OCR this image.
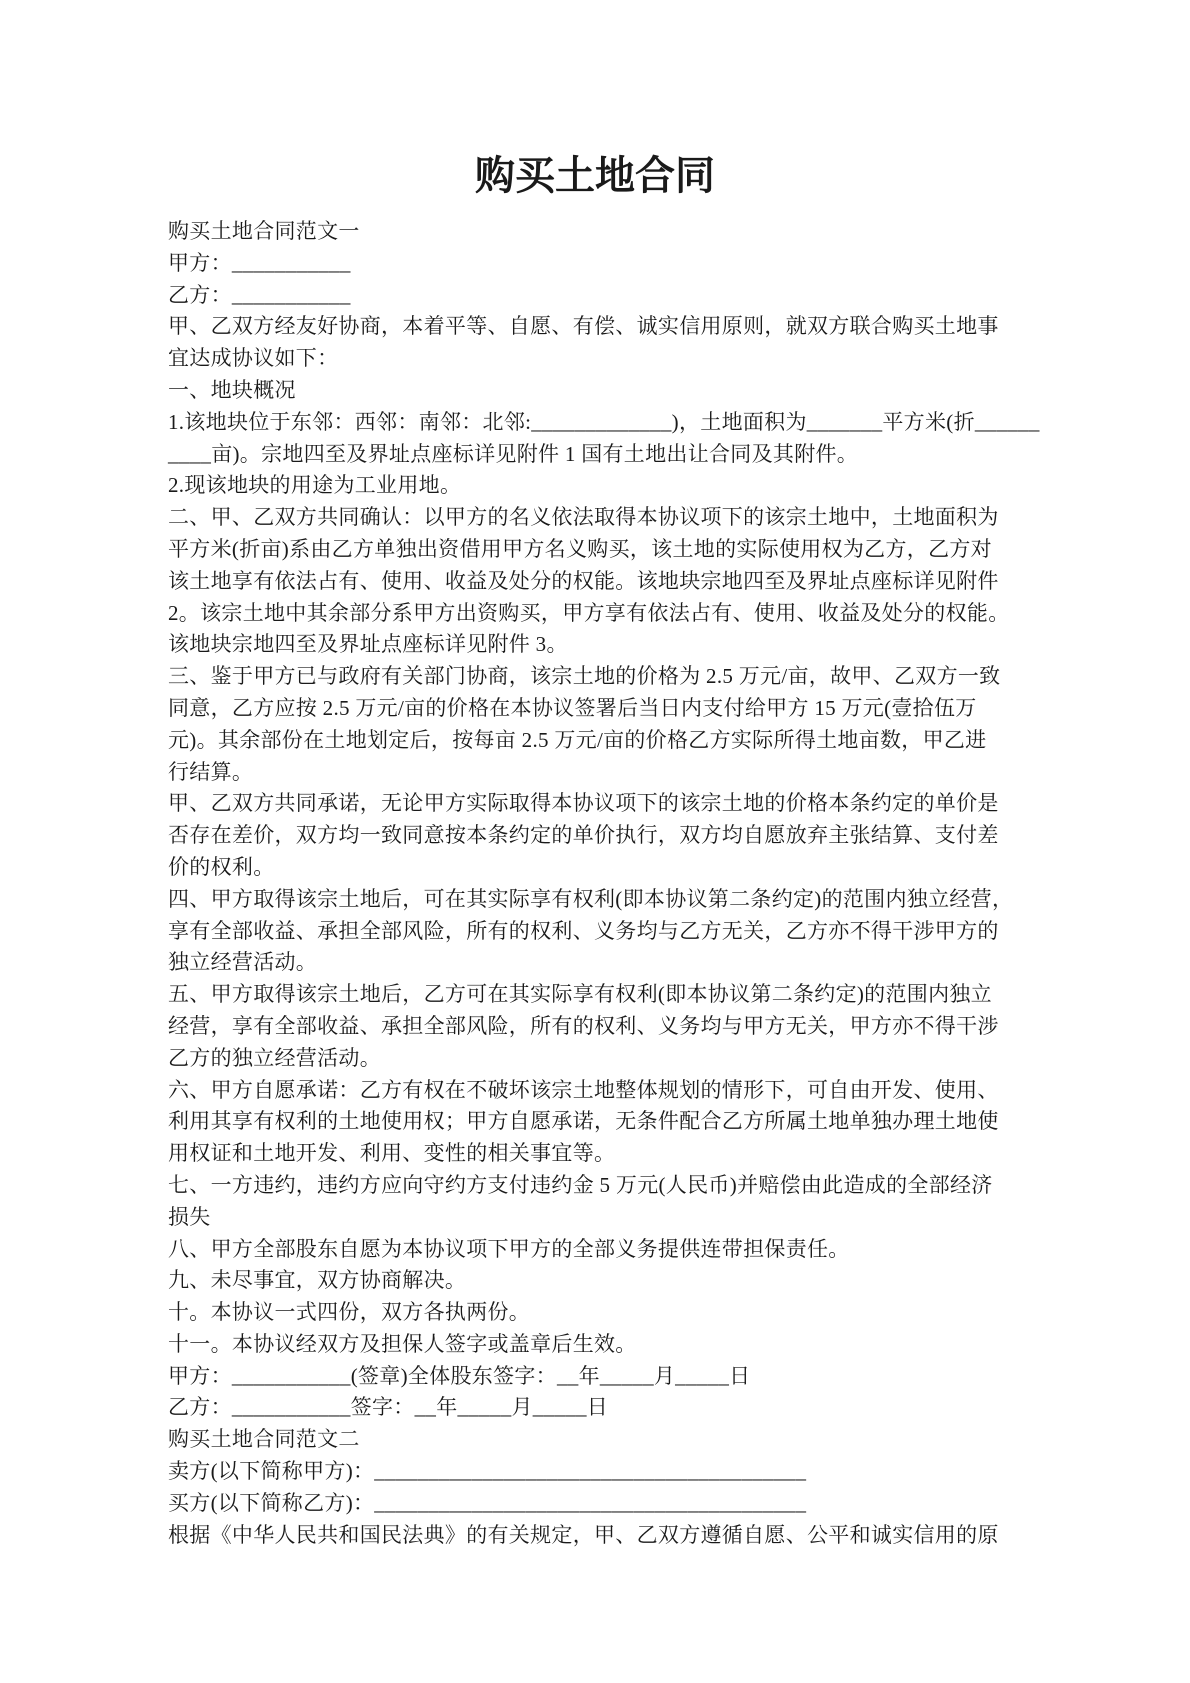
购买土地合同
购买土地合同范文一
甲方：___________
乙方：___________
甲、乙双方经友好协商，本着平等、自愿、有偿、诚实信用原则，就双方联合购买土地事
宜达成协议如下：
一、地块概况
1.该地块位于东邻：西邻：南邻：北邻:_____________)，土地面积为_______平方米(折______
____亩)。宗地四至及界址点座标详见附件 1 国有土地出让合同及其附件。
2.现该地块的用途为工业用地。
二、甲、乙双方共同确认：以甲方的名义依法取得本协议项下的该宗土地中，土地面积为
平方米(折亩)系由乙方单独出资借用甲方名义购买，该土地的实际使用权为乙方，乙方对
该土地享有依法占有、使用、收益及处分的权能。该地块宗地四至及界址点座标详见附件
2。该宗土地中其余部分系甲方出资购买，甲方享有依法占有、使用、收益及处分的权能。
该地块宗地四至及界址点座标详见附件 3。
三、鉴于甲方已与政府有关部门协商，该宗土地的价格为 2.5 万元/亩，故甲、乙双方一致
同意，乙方应按 2.5 万元/亩的价格在本协议签署后当日内支付给甲方 15 万元(壹拾伍万
元)。其余部份在土地划定后，按每亩 2.5 万元/亩的价格乙方实际所得土地亩数，甲乙进
行结算。
甲、乙双方共同承诺，无论甲方实际取得本协议项下的该宗土地的价格本条约定的单价是
否存在差价，双方均一致同意按本条约定的单价执行，双方均自愿放弃主张结算、支付差
价的权利。
四、甲方取得该宗土地后，可在其实际享有权利(即本协议第二条约定)的范围内独立经营，
享有全部收益、承担全部风险，所有的权利、义务均与乙方无关，乙方亦不得干涉甲方的
独立经营活动。
五、甲方取得该宗土地后，乙方可在其实际享有权利(即本协议第二条约定)的范围内独立
经营，享有全部收益、承担全部风险，所有的权利、义务均与甲方无关，甲方亦不得干涉
乙方的独立经营活动。
六、甲方自愿承诺：乙方有权在不破坏该宗土地整体规划的情形下，可自由开发、使用、
利用其享有权利的土地使用权；甲方自愿承诺，无条件配合乙方所属土地单独办理土地使
用权证和土地开发、利用、变性的相关事宜等。
七、一方违约，违约方应向守约方支付违约金 5 万元(人民币)并赔偿由此造成的全部经济
损失
八、甲方全部股东自愿为本协议项下甲方的全部义务提供连带担保责任。
九、未尽事宜，双方协商解决。
十。本协议一式四份，双方各执两份。
十一。本协议经双方及担保人签字或盖章后生效。
甲方：___________(签章)全体股东签字：__年_____月_____日
乙方：___________签字：__年_____月_____日
购买土地合同范文二
卖方(以下简称甲方)：________________________________________
买方(以下简称乙方)：________________________________________
根据《中华人民共和国民法典》的有关规定，甲、乙双方遵循自愿、公平和诚实信用的原
